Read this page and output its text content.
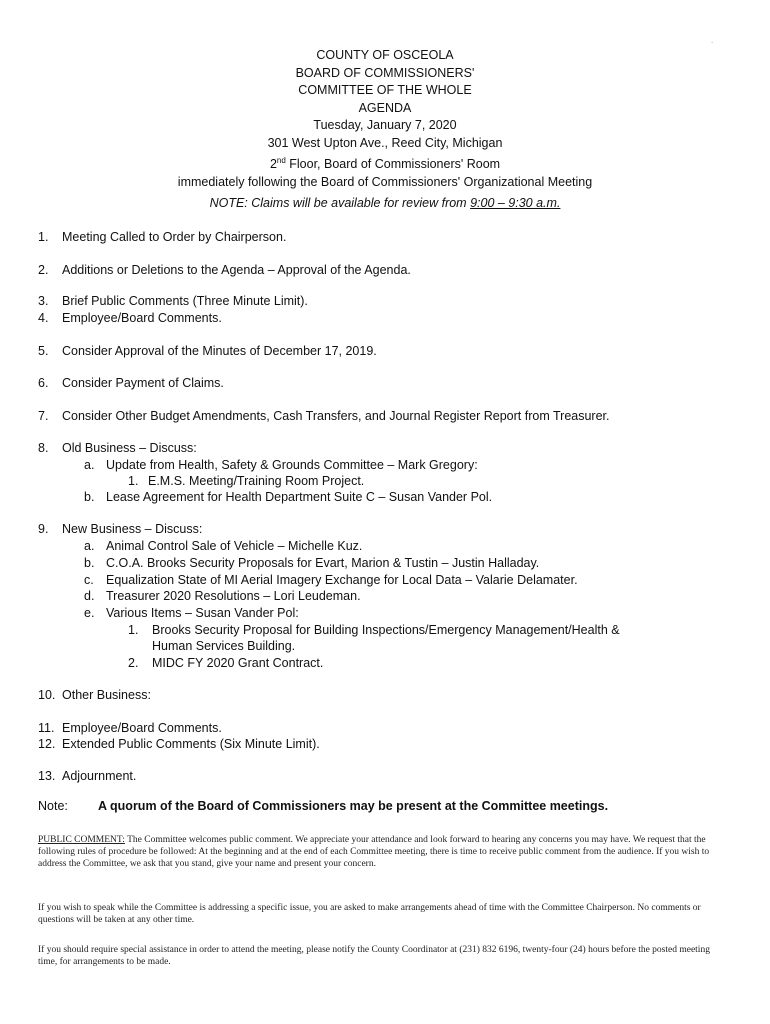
.
COUNTY OF OSCEOLA
BOARD OF COMMISSIONERS'
COMMITTEE OF THE WHOLE
AGENDA
Tuesday, January 7, 2020
301 West Upton Ave., Reed City, Michigan
2nd Floor, Board of Commissioners' Room
immediately following the Board of Commissioners' Organizational Meeting
NOTE: Claims will be available for review from 9:00 – 9:30 a.m.
1. Meeting Called to Order by Chairperson.
2. Additions or Deletions to the Agenda – Approval of the Agenda.
3. Brief Public Comments (Three Minute Limit).
4. Employee/Board Comments.
5. Consider Approval of the Minutes of December 17, 2019.
6. Consider Payment of Claims.
7. Consider Other Budget Amendments, Cash Transfers, and Journal Register Report from Treasurer.
8. Old Business – Discuss:
a. Update from Health, Safety & Grounds Committee – Mark Gregory:
1. E.M.S. Meeting/Training Room Project.
b. Lease Agreement for Health Department Suite C – Susan Vander Pol.
9. New Business – Discuss:
a. Animal Control Sale of Vehicle – Michelle Kuz.
b. C.O.A. Brooks Security Proposals for Evart, Marion & Tustin – Justin Halladay.
c. Equalization State of MI Aerial Imagery Exchange for Local Data – Valarie Delamater.
d. Treasurer 2020 Resolutions – Lori Leudeman.
e. Various Items – Susan Vander Pol:
1. Brooks Security Proposal for Building Inspections/Emergency Management/Health &
Human Services Building.
2. MIDC FY 2020 Grant Contract.
10. Other Business:
11. Employee/Board Comments.
12. Extended Public Comments (Six Minute Limit).
13. Adjournment.
Note: A quorum of the Board of Commissioners may be present at the Committee meetings.
PUBLIC COMMENT: The Committee welcomes public comment. We appreciate your attendance and look forward to hearing any concerns you may have. We request that the following rules of procedure be followed: At the beginning and at the end of each Committee meeting, there is time to receive public comment from the audience. If you wish to address the Committee, we ask that you stand, give your name and present your concern.
If you wish to speak while the Committee is addressing a specific issue, you are asked to make arrangements ahead of time with the Committee Chairperson. No comments or questions will be taken at any other time.
If you should require special assistance in order to attend the meeting, please notify the County Coordinator at (231) 832 6196, twenty-four (24) hours before the posted meeting time, for arrangements to be made.
